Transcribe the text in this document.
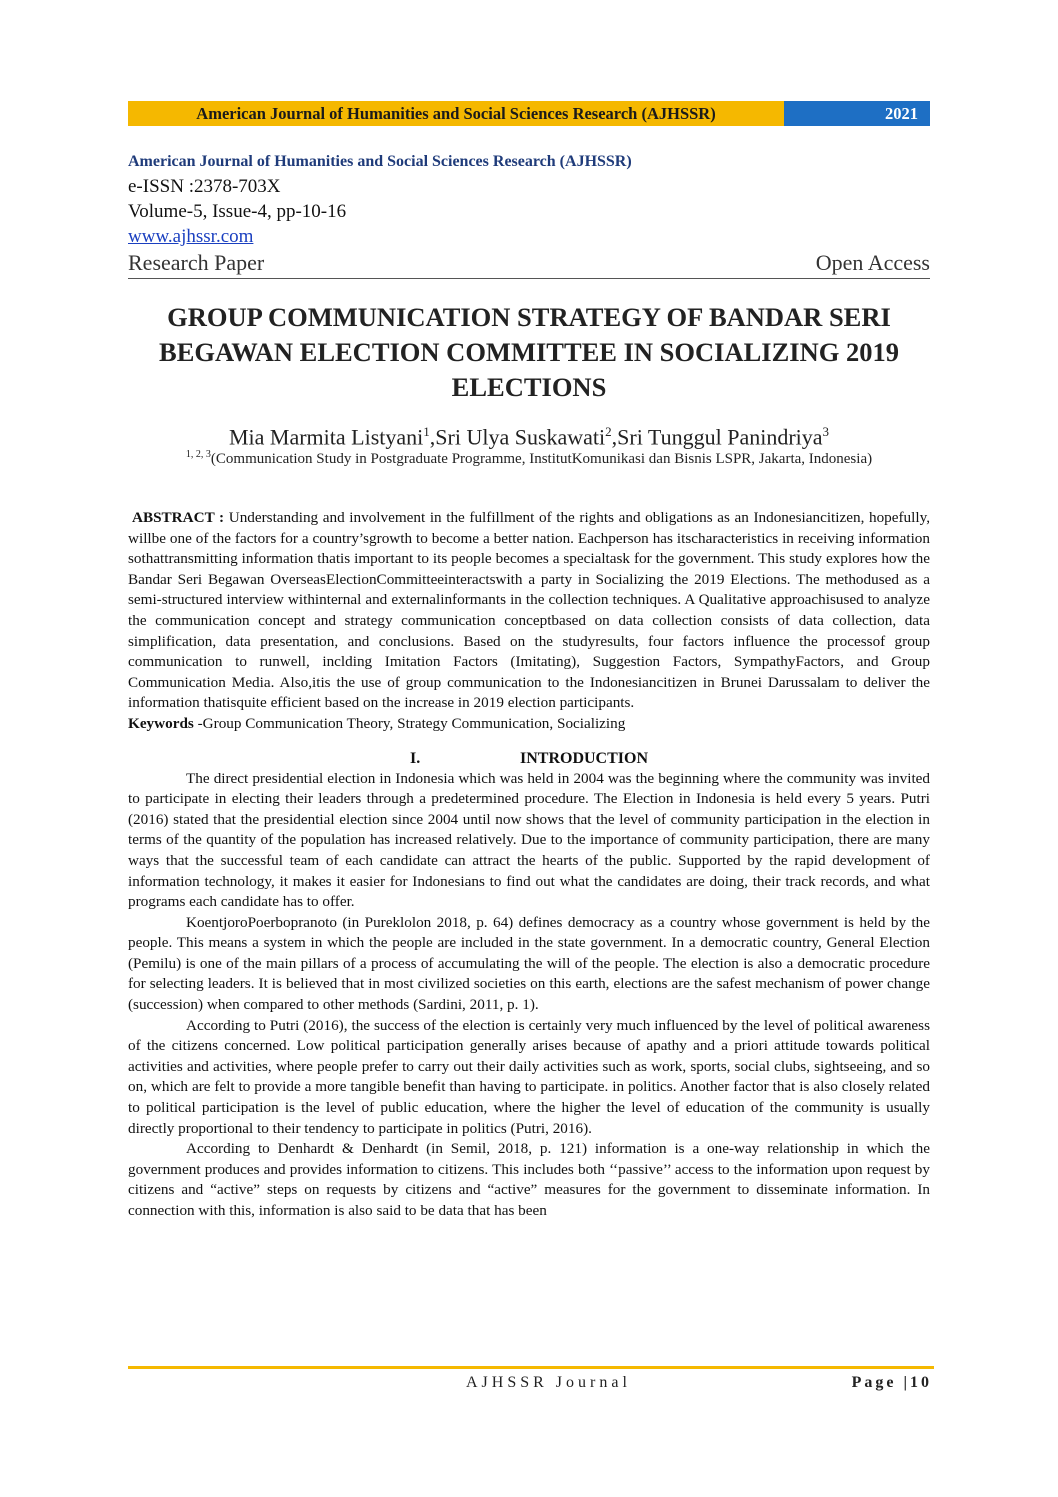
American Journal of Humanities and Social Sciences Research (AJHSSR)	2021
American Journal of Humanities and Social Sciences Research (AJHSSR)
e-ISSN :2378-703X
Volume-5, Issue-4, pp-10-16
www.ajhssr.com
Research Paper	Open Access
GROUP COMMUNICATION STRATEGY OF BANDAR SERI BEGAWAN ELECTION COMMITTEE IN SOCIALIZING 2019 ELECTIONS
Mia Marmita Listyani$^1$,Sri Ulya Suskawati$^2$,Sri Tunggul Panindriya$^3$
$^{1, 2, 3}$(Communication Study in Postgraduate Programme, InstitutKomunikasi dan Bisnis LSPR, Jakarta, Indonesia)

ABSTRACT : Understanding and involvement in the fulfillment of the rights and obligations as an Indonesiancitizen, hopefully, willbe one of the factors for a country’sgrowth to become a better nation. Eachperson has itscharacteristics in receiving information sothattransmitting information thatis important to its people becomes a specialtask for the government. This study explores how the Bandar Seri Begawan OverseasElectionCommitteeinteractswith a party in Socializing the 2019 Elections. The methodused as a semi-structured interview withinternal and externalinformants in the collection techniques. A Qualitative approachisused to analyze the communication concept and strategy communication conceptbased on data collection consists of data collection, data simplification, data presentation, and conclusions. Based on the studyresults, four factors influence the processof group communication to runwell, inclding Imitation Factors (Imitating), Suggestion Factors, SympathyFactors, and Group Communication Media. Also,itis the use of group communication to the Indonesiancitizen in Brunei Darussalam to deliver the information thatisquite efficient based on the increase in 2019 election participants.

Keywords -Group Communication Theory, Strategy Communication, Socializing

I.	INTRODUCTION

The direct presidential election in Indonesia which was held in 2004 was the beginning where the community was invited to participate in electing their leaders through a predetermined procedure. The Election in Indonesia is held every 5 years. Putri (2016) stated that the presidential election since 2004 until now shows that the level of community participation in the election in terms of the quantity of the population has increased relatively. Due to the importance of community participation, there are many ways that the successful team of each candidate can attract the hearts of the public. Supported by the rapid development of information technology, it makes it easier for Indonesians to find out what the candidates are doing, their track records, and what programs each candidate has to offer.

KoentjoroPoerbopranoto (in Pureklolon 2018, p. 64) defines democracy as a country whose government is held by the people. This means a system in which the people are included in the state government. In a democratic country, General Election (Pemilu) is one of the main pillars of a process of accumulating the will of the people. The election is also a democratic procedure for selecting leaders. It is believed that in most civilized societies on this earth, elections are the safest mechanism of power change (succession) when compared to other methods (Sardini, 2011, p. 1).

According to Putri (2016), the success of the election is certainly very much influenced by the level of political awareness of the citizens concerned. Low political participation generally arises because of apathy and a priori attitude towards political activities and activities, where people prefer to carry out their daily activities such as work, sports, social clubs, sightseeing, and so on, which are felt to provide a more tangible benefit than having to participate. in politics. Another factor that is also closely related to political participation is the level of public education, where the higher the level of education of the community is usually directly proportional to their tendency to participate in politics (Putri, 2016).

According to Denhardt & Denhardt (in Semil, 2018, p. 121) information is a one-way relationship in which the government produces and provides information to citizens. This includes both ‘‘passive’’ access to the information upon request by citizens and “active” steps on requests by citizens and “active” measures for the government to disseminate information. In connection with this, information is also said to be data that has been

AJHSSR Journal	Page |10
